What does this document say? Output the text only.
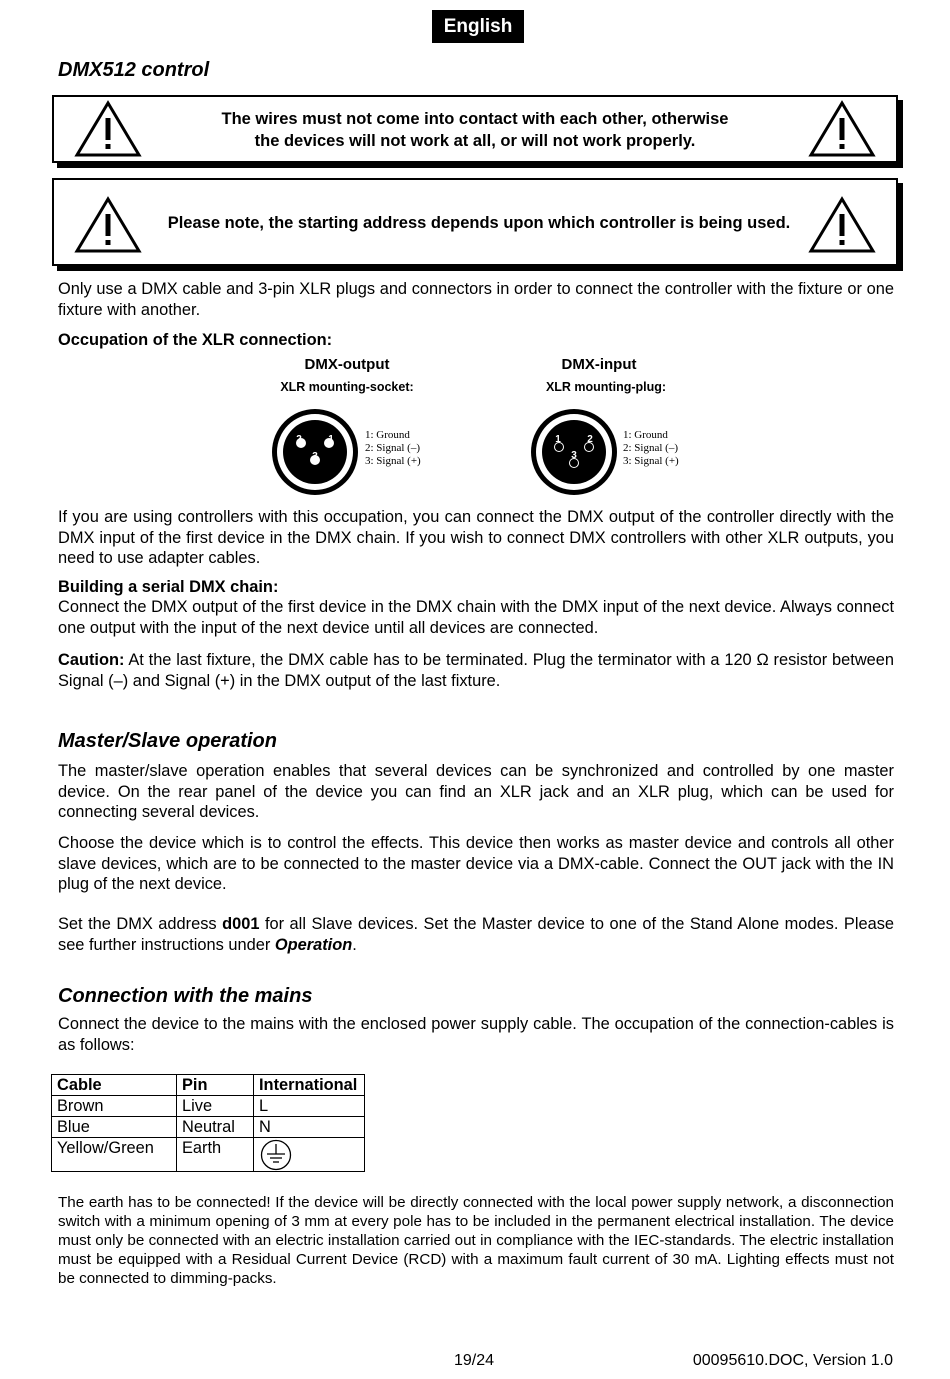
English
DMX512 control
The wires must not come into contact with each other, otherwise
the devices will not work at all, or will not work properly.
Please note, the starting address depends upon which controller is being used.

Only use a DMX cable and 3-pin XLR plugs and connectors in order to connect the controller with the fixture or one fixture with another.

Occupation of the XLR connection:

DMX-output
XLR mounting-socket:
DMX-input
XLR mounting-plug:
2	1
3
1: Ground
2: Signal (–)
3: Signal (+)
1	2
3
1: Ground
2: Signal (–)
3: Signal (+)

If you are using controllers with this occupation, you can connect the DMX output of the controller directly with the DMX input of the first device in the DMX chain. If you wish to connect DMX controllers with other XLR outputs, you need to use adapter cables.

Building a serial DMX chain:

Connect the DMX output of the first device in the DMX chain with the DMX input of the next device. Always connect one output with the input of the next device until all devices are connected.

Caution: At the last fixture, the DMX cable has to be terminated. Plug the terminator with a 120 Ω resistor between Signal (–) and Signal (+) in the DMX output of the last fixture.

Master/Slave operation

The master/slave operation enables that several devices can be synchronized and controlled by one master device. On the rear panel of the device you can find an XLR jack and an XLR plug, which can be used for connecting several devices.

Choose the device which is to control the effects. This device then works as master device and controls all other slave devices, which are to be connected to the master device via a DMX-cable. Connect the OUT jack with the IN plug of the next device.

Set the DMX address d001 for all Slave devices. Set the Master device to one of the Stand Alone modes. Please see further instructions under Operation.

Connection with the mains

Connect the device to the mains with the enclosed power supply cable. The occupation of the connection-cables is as follows:

Cable	Pin	International
Brown	Live	L
Blue	Neutral	N
Yellow/Green	Earth	

The earth has to be connected! If the device will be directly connected with the local power supply network, a disconnection switch with a minimum opening of 3 mm at every pole has to be included in the permanent electrical installation. The device must only be connected with an electric installation carried out in compliance with the IEC-standards. The electric installation must be equipped with a Residual Current Device (RCD) with a maximum fault current of 30 mA. Lighting effects must not be connected to dimming-packs.

19/24	00095610.DOC, Version 1.0
